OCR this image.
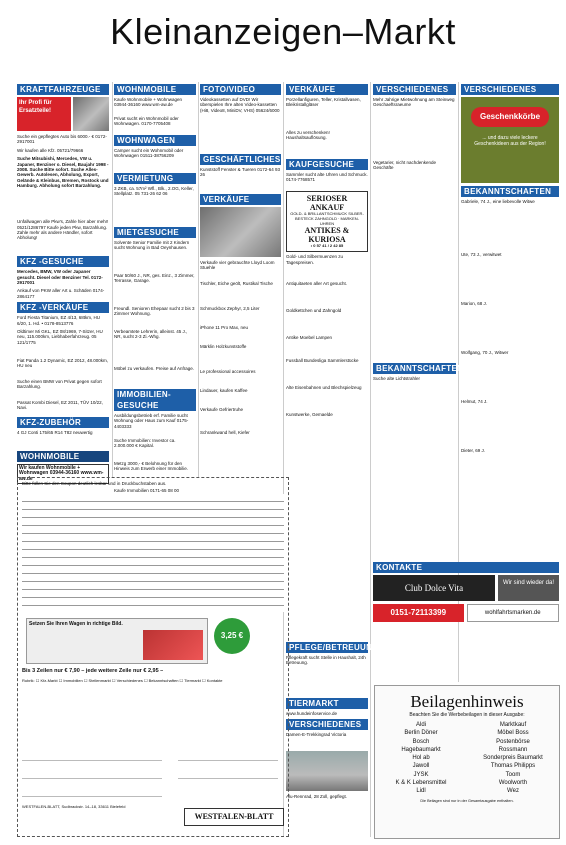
Kleinanzeigen–Markt
KRAFTFAHRZEUGE
Ihr Profi für Ersatzteile!
Suche ein gepflegtes Auto bis 6000.- € 0172-2917001
Wir kaufen alle Kfz. 05721/79666
Suche Mitsubishi, Mercedes, VW u. Japaner, Benziner o. Diesel, Baujahr 1998 - 2008. Suche Bitte sofort. Suche Alles-Gewerb. Autolesen, Abholung, Export, Gelände & Kleinbus, Bremen, Rostock und Hamburg. Abholung sofort Barzahlung.
Unfallwagen alle Pkw's, Zahle hier aber mehr! 0521/1286797 Kaufe jeden Pkw, Barzahlung. Zahle mehr als andere Händler, sofort Abholung!
KFZ -GESUCHE
Mercedes, BMW, VW oder Japaner gesucht. Diesel oder Benziner Tel. 0172-2917001
Ankauf von PKW aller Art u. Schäden 0174-2864177
KFZ -VERKÄUFE
Ford Fiesta Titanium, EZ 4/13, 68tkm, HU 6/20, 1. Hd. • 0178-8513776
Oldtimer Mi GKL, EZ 08/1969, 7-Sitzer, HU neu, 115.000km, Liebhaberfahrzeug. 05 121/1775
Fiat Panda 1.2 Dynamic, EZ 2012, 48.000km, HU neu
Suche einen BMW von Privat gegen sofort Barzahlung.
Passat Kombi Diesel, EZ 2011, TÜV 10/22, Navi.
KFZ-ZUBEHÖR
4 GJ Conti 175/65 R14 T82 neuwertig
WOHNMOBILE
Wir kaufen Wohnmobile + Wohnwagen 03944-36160 www.wm-aw.de
WOHNMOBILE
Kaufe Wohnmobile + Wohnwagen 03944-36160 www.wm-aw.de
Privat sucht ein Wohnmobil oder Wohnwagen. 0170-7705408
WOHNWAGEN
Camper sucht ein Wohnmobil oder Wohnwagen 01511-38756209
VERMIETUNG
3 ZKB, ca. 57m² Wfl., Blk., 2.OG, Keller, Stellplatz. 05 731-26 62 06
MIETGESUCHE
Solvente Senior Familie mit 2 Kindern sucht Wohnung in Bad Oeynhausen.
Paar 50/60 J., NR, ges. Einz., 3 Zimmer, Terrasse, Garage.
Freundl. Senioren Ehepaar sucht 2 bis 3 Zimmer Wohnung.
Verbeamtete Lehrerin, alleinst. 45 J., NR, sucht 2-3 Zi.-Whg.
Möbel zu verkaufen. Preise auf Anfrage.
IMMOBILIEN-GESUCHE
Ausbildungsbetrieb erf. Familie sucht Wohnung oder Haus zum Kauf 0175-4403333
Suche Immobilien: Investor ca. 2.000.000 € Kapital.
Metzg 3000,- € Belohnung für den Hinweis zum Erwerb einer Immobilie.
Kaufe Immobilien 0171-65 08 00
FOTO/VIDEO
Videokassetten auf DVD! Wir überspielen Ihre alten Video-kassetten (Hi8, Video8, MiniDV, VHS) 05624/6000
GESCHÄFTLICHES
Kunststoff Fenster & Tueren 0172-64 93 26
VERKÄUFE
Verkaufe vier gebrauchte Lloyd Loom Stuehle
Tischler, Eiche geölt, Rustikal Tische
Schmuckbox Zephyr, 2,5 Liter
iPhone 11 Pro Max, neu
Märklin Holzkunststoffe
Le professional accessoires
Lindauer, kaufen Kaffee
Verkaufe Gefriertruhe
Schrankwand hell, Kiefer
VERKÄUFE
Porzellanfiguren, Teller, Kristallvasen, Bleikristallgläser
Alles zu verschenken! Haushaltsauflösung.
KAUFGESUCHE
Sammler sucht alte Uhren und Schmuck. 0174-7768571
SERIOSER ANKAUF
GOLD- & BRILLANTSCHMUCK SILBER-BESTECK ZAHNGOLD · MARKEN-UHREN
ANTIKES & KURIOSA
• 0 57 41 / 2 42 85
Gold- und Silbermuenzen zu Tagespreisen.
Antiquitaeten aller Art gesucht.
Goldkettchen und Zahngold
Antike Moebel Lampen
Fussball Bundesliga Sammlerstücke
Alte Eisenbahnen und Blechspielzeug
Kunstwerke, Gemaelde
VERSCHIEDENES
Mehr Jahrige Mietwohnung am Steinweg Geschaeftsraeume
Vegetarier, nicht nachdenkende Geschäfte
BEKANNTSCHAFTEN
Suche alte Lichtstrahler
VERSCHIEDENES
Geschenkkörbe
... und dazu viele leckere Geschenkideen aus der Region!
BEKANNTSCHAFTEN
Gabriele, 74 J., eine liebevolle Witwe
Ute, 73 J., verwitwet
Marion, 68 J.
Wolfgang, 70 J., Witwer
Helmut, 74 J.
Dieter, 69 J.
KONTAKTE
Club Dolce Vita	Wir sind wieder da!
0151-72113399	wohlfahrtsmarken.de
PFLEGE/BETREUUNG
Pflegekraft sucht Stelle in Haushalt, 24h Betreuung.
TIERMARKT
www.hundeinfoservice.de
VERSCHIEDENES
Damen-E-Trekkingrad Victoria
Alu-Rennrad, 28 Zoll, gepflegt.
Bitte füllen Sie den Coupon deutlich lesbar und in Druckbuchstaben aus.
Setzen Sie Ihren Wagen in richtige Bild.
3,25 €
Bis 3 Zeilen nur € 7,90 – jede weitere Zeile nur € 2,95 –
Rubrik: ☐ Kfz-Markt ☐ Immobilien ☐ Stellenmarkt ☐ Verschiedenes ☐ Bekanntschaften ☐ Tiermarkt ☐ Kontakte
WESTFALEN-BLATT, Sudbrackstr. 14–18, 33611 Bielefeld
WESTFALEN-BLATT
Beilagenhinweis
Beachten Sie die Werbebeilagen in dieser Ausgabe:
Aldi
Berlin Döner
Bosch
Hagebaumarkt
Hol ab
Jawoll
JYSK
K & K Lebensmittel
Lidl
Marktkauf
Möbel Boss
Postenbörse
Rossmann
Sonderpreis Baumarkt
Thomas Philipps
Toom
Woolworth
Wez
Die Beilagen sind nur in der Gesamtausgabe enthalten.
